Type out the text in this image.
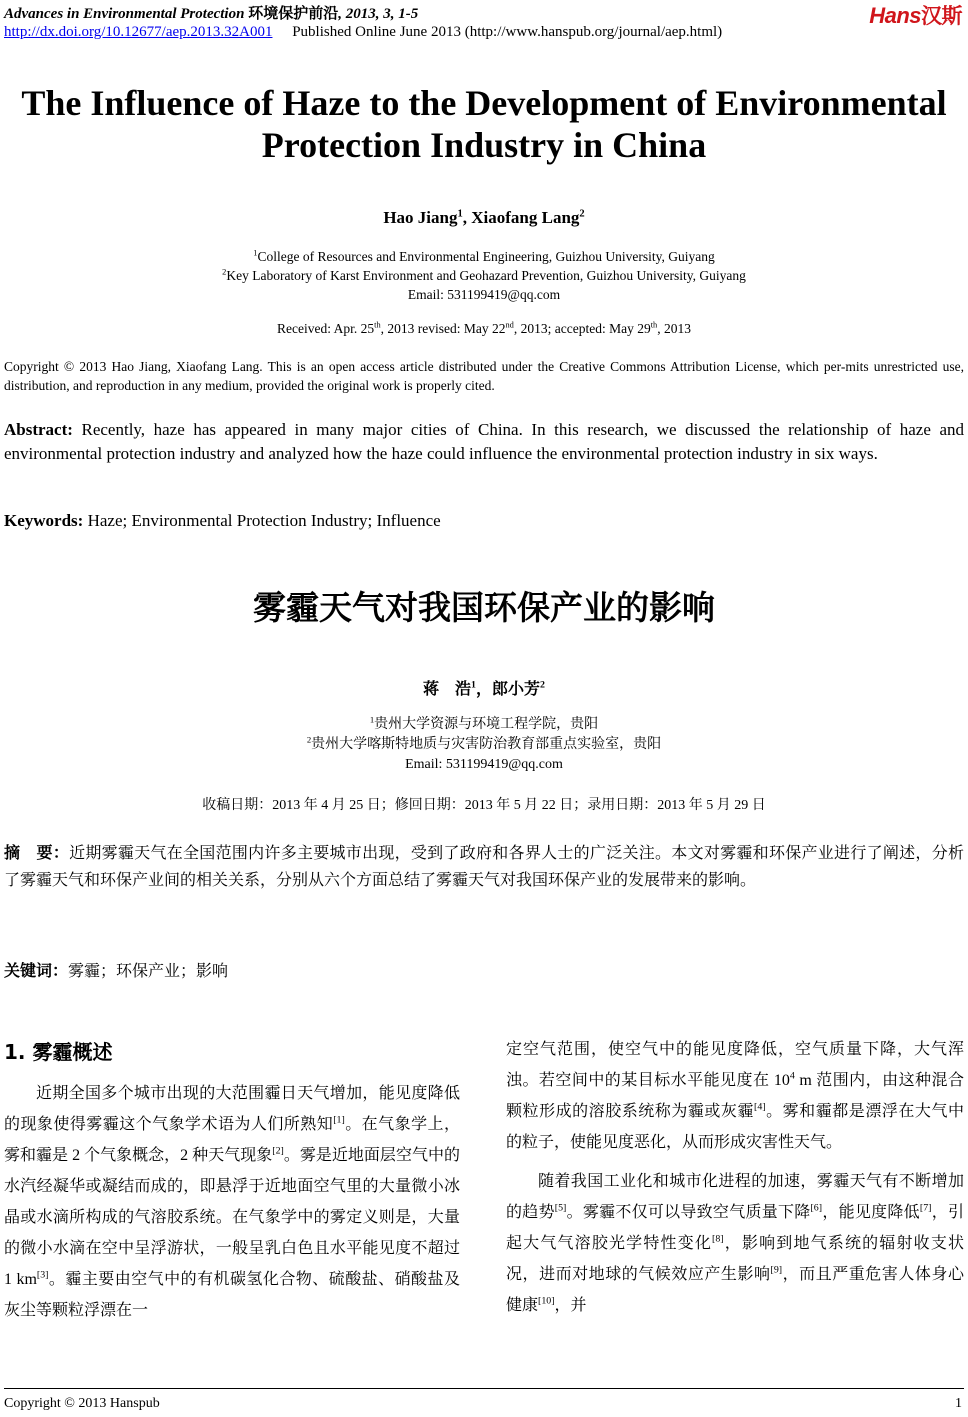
Advances in Environmental Protection 环境保护前沿, 2013, 3, 1-5
http://dx.doi.org/10.12677/aep.2013.32A001 Published Online June 2013 (http://www.hanspub.org/journal/aep.html)
Hans汉斯
The Influence of Haze to the Development of Environmental Protection Industry in China
Hao Jiang$^1$, Xiaofang Lang$^2$
$^1$College of Resources and Environmental Engineering, Guizhou University, Guiyang
$^2$Key Laboratory of Karst Environment and Geohazard Prevention, Guizhou University, Guiyang
Email: 531199419@qq.com
Received: Apr. 25th, 2013 revised: May 22nd, 2013; accepted: May 29th, 2013
Copyright © 2013 Hao Jiang, Xiaofang Lang. This is an open access article distributed under the Creative Commons Attribution License, which per-mits unrestricted use, distribution, and reproduction in any medium, provided the original work is properly cited.
Abstract: Recently, haze has appeared in many major cities of China. In this research, we discussed the relationship of haze and environmental protection industry and analyzed how the haze could influence the environmental protection industry in six ways.
Keywords: Haze; Environmental Protection Industry; Influence
雾霾天气对我国环保产业的影响
蒋　浩$^1$，郎小芳$^2$
$^1$贵州大学资源与环境工程学院，贵阳
$^2$贵州大学喀斯特地质与灾害防治教育部重点实验室，贵阳
Email: 531199419@qq.com
收稿日期：2013 年 4 月 25 日；修回日期：2013 年 5 月 22 日；录用日期：2013 年 5 月 29 日
摘　要：近期雾霾天气在全国范围内许多主要城市出现，受到了政府和各界人士的广泛关注。本文对雾霾和环保产业进行了阐述，分析了雾霾天气和环保产业间的相关关系，分别从六个方面总结了雾霾天气对我国环保产业的发展带来的影响。
关键词：雾霾；环保产业；影响
1. 雾霾概述

近期全国多个城市出现的大范围霾日天气增加，能见度降低的现象使得雾霾这个气象学术语为人们所熟知[1]。在气象学上，雾和霾是 2 个气象概念，2 种天气现象[2]。雾是近地面层空气中的水汽经凝华或凝结而成的，即悬浮于近地面空气里的大量微小冰晶或水滴所构成的气溶胶系统。在气象学中的雾定义则是，大量的微小水滴在空中呈浮游状，一般呈乳白色且水平能见度不超过 1 km[3]。霾主要由空气中的有机碳氢化合物、硫酸盐、硝酸盐及灰尘等颗粒浮漂在一

定空气范围，使空气中的能见度降低，空气质量下降，大气浑浊。若空间中的某目标水平能见度在 $10^4$ m 范围内，由这种混合颗粒形成的溶胶系统称为霾或灰霾[4]。雾和霾都是漂浮在大气中的粒子，使能见度恶化，从而形成灾害性天气。

随着我国工业化和城市化进程的加速，雾霾天气有不断增加的趋势[5]。雾霾不仅可以导致空气质量下降[6]，能见度降低[7]，引起大气气溶胶光学特性变化[8]，影响到地气系统的辐射收支状况，进而对地球的气候效应产生影响[9]，而且严重危害人体身心健康[10]，并

Copyright © 2013 Hanspub	1
